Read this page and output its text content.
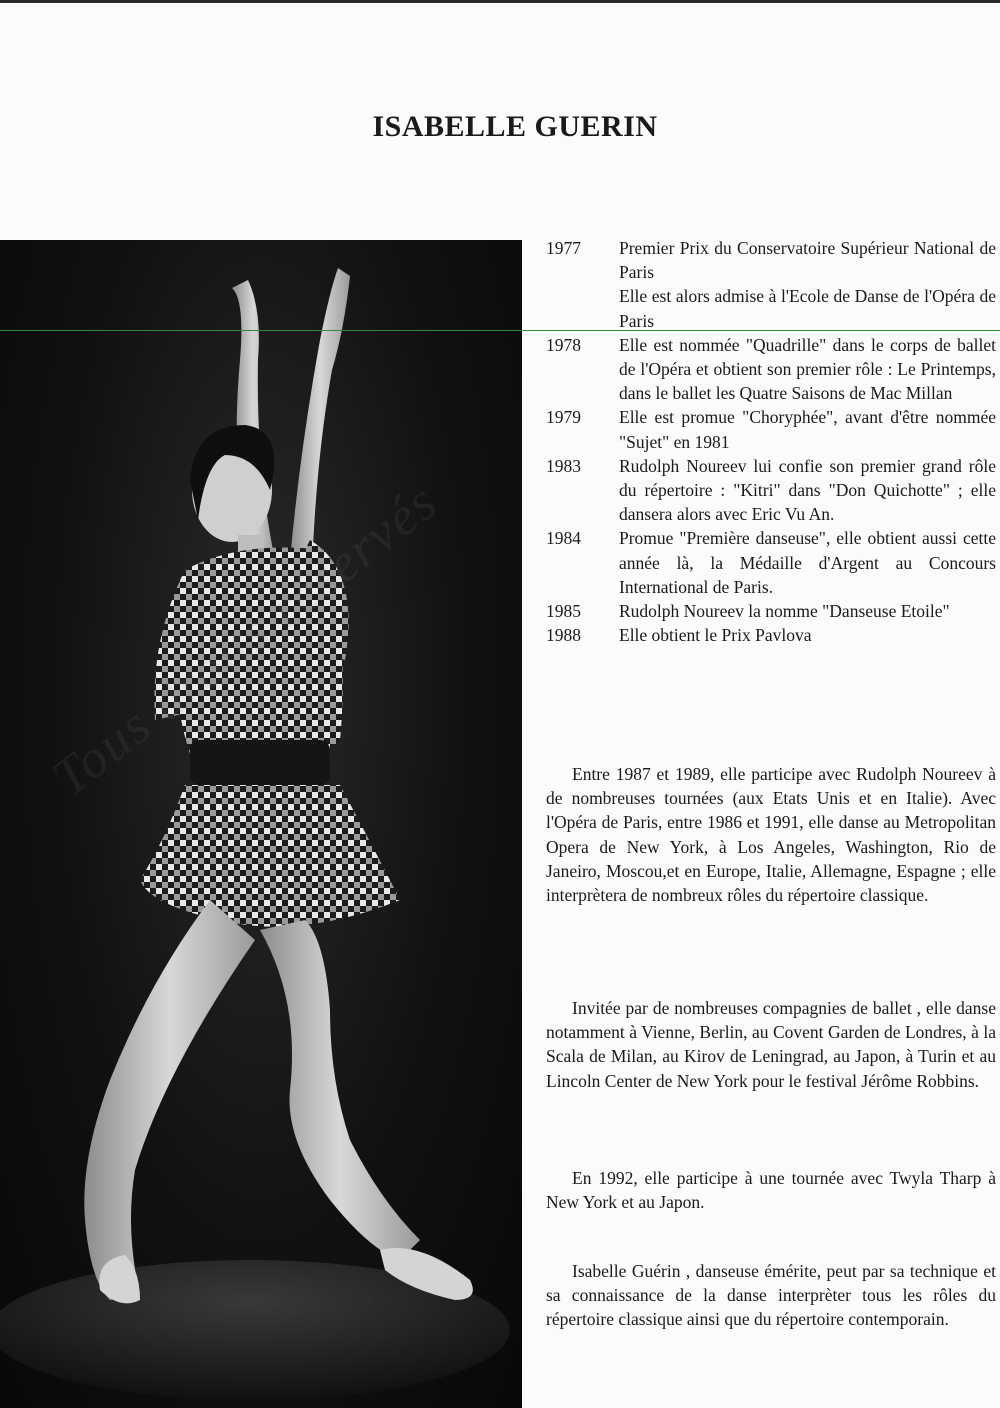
ISABELLE GUERIN
1977	Premier Prix du Conservatoire Supérieur National de Paris
Elle est alors admise à l'Ecole de Danse de l'Opéra de Paris
1978	Elle est nommée "Quadrille" dans le corps de ballet de l'Opéra et obtient son premier rôle : Le Printemps, dans le ballet les Quatre Saisons de Mac Millan
1979	Elle est promue "Choryphée", avant d'être nommée "Sujet" en 1981
1983	Rudolph Noureev lui confie son premier grand rôle du répertoire : "Kitri" dans "Don Quichotte" ; elle dansera alors avec Eric Vu An.
1984	Promue "Première danseuse", elle obtient aussi cette année là, la Médaille d'Argent au Concours International de Paris.
1985	Rudolph Noureev la nomme "Danseuse Etoile"
1988	Elle obtient le Prix Pavlova

Entre 1987 et 1989, elle participe avec Rudolph Noureev à de nombreuses tournées (aux Etats Unis et en Italie). Avec l'Opéra de Paris, entre 1986 et 1991, elle danse au Metropolitan Opera de New York, à Los Angeles, Washington, Rio de Janeiro, Moscou,et en Europe, Italie, Allemagne, Espagne ; elle interprètera de nombreux rôles du répertoire classique.

Invitée par de nombreuses compagnies de ballet , elle danse notamment à Vienne, Berlin, au Covent Garden de Londres, à la Scala de Milan, au Kirov de Leningrad, au Japon, à Turin et au Lincoln Center de New York pour le festival Jérôme Robbins.

En 1992, elle participe à une tournée avec Twyla Tharp à New York et au Japon.

Isabelle Guérin , danseuse émérite, peut par sa technique et sa connaissance de la danse interprèter tous les rôles du répertoire classique ainsi que du répertoire contemporain.
